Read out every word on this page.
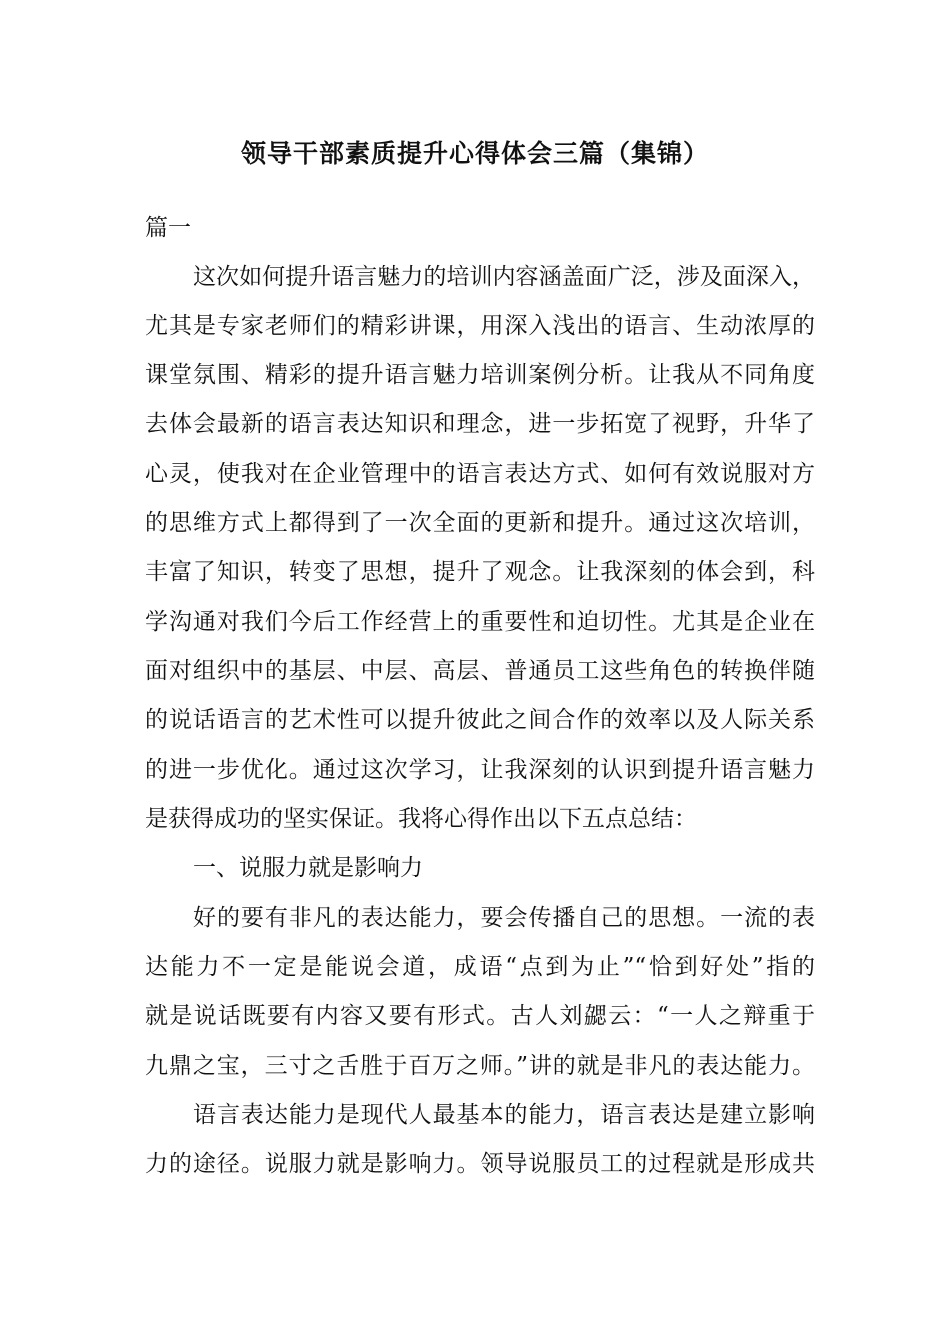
领导干部素质提升心得体会三篇（集锦）
篇一
这次如何提升语言魅力的培训内容涵盖面广泛，涉及面深入，
尤其是专家老师们的精彩讲课，用深入浅出的语言、生动浓厚的
课堂氛围、精彩的提升语言魅力培训案例分析。让我从不同角度
去体会最新的语言表达知识和理念，进一步拓宽了视野，升华了
心灵，使我对在企业管理中的语言表达方式、如何有效说服对方
的思维方式上都得到了一次全面的更新和提升。通过这次培训，
丰富了知识，转变了思想，提升了观念。让我深刻的体会到，科
学沟通对我们今后工作经营上的重要性和迫切性。尤其是企业在
面对组织中的基层、中层、高层、普通员工这些角色的转换伴随
的说话语言的艺术性可以提升彼此之间合作的效率以及人际关系
的进一步优化。通过这次学习，让我深刻的认识到提升语言魅力
是获得成功的坚实保证。我将心得作出以下五点总结：
一、说服力就是影响力
好的要有非凡的表达能力，要会传播自己的思想。一流的表
达能力不一定是能说会道，成语“点到为止”“恰到好处”指的
就是说话既要有内容又要有形式。古人刘勰云：“一人之辩重于
九鼎之宝，三寸之舌胜于百万之师。”讲的就是非凡的表达能力。
语言表达能力是现代人最基本的能力，语言表达是建立影响
力的途径。说服力就是影响力。领导说服员工的过程就是形成共
